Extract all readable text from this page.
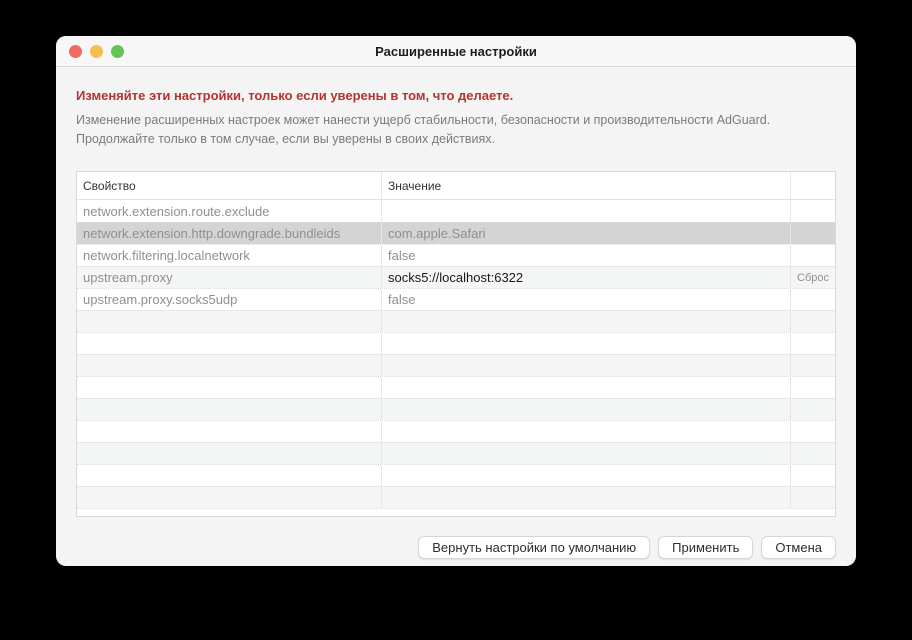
Расширенные настройки

Изменяйте эти настройки, только если уверены в том, что делаете.

Изменение расширенных настроек может нанести ущерб стабильности, безопасности и производительности AdGuard. Продолжайте только в том случае, если вы уверены в своих действиях.

Свойство	Значение
network.extension.route.exclude
network.extension.http.downgrade.bundleids	com.apple.Safari
network.filtering.localnetwork	false
upstream.proxy	socks5://localhost:6322	Сброс
upstream.proxy.socks5udp	false
Вернуть настройки по умолчанию	Применить	Отмена
